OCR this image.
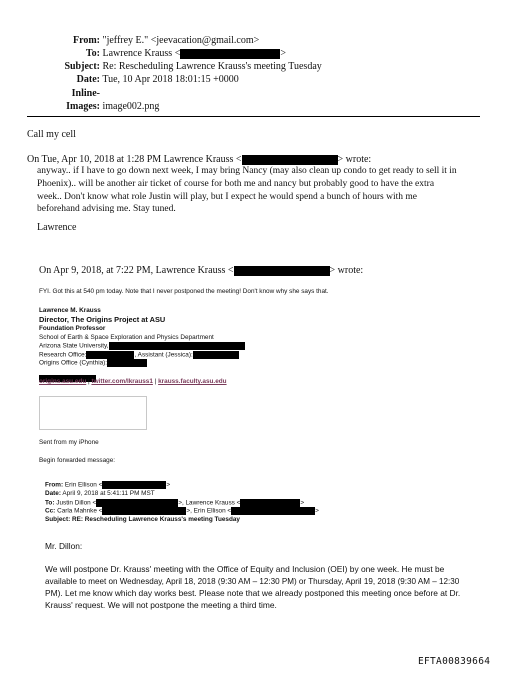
From: "jeffrey E." <jeevacation@gmail.com>
To: Lawrence Krauss <	>
Subject: Re: Rescheduling Lawrence Krauss's meeting Tuesday
Date: Tue, 10 Apr 2018 18:01:15 +0000
Inline-Images: image002.png
Call my cell
On Tue, Apr 10, 2018 at 1:28 PM Lawrence Krauss <	> wrote:
anyway.. if I have to go down next week, I may bring Nancy (may also clean up condo to get ready to sell it in
Phoenix).. will be another air ticket of course for both me and nancy but probably good to have the extra
week.. Don't know what role Justin will play, but I expect he would spend a bunch of hours with me
beforehand advising me. Stay tuned.
Lawrence
On Apr 9, 2018, at 7:22 PM, Lawrence Krauss <	> wrote:
FYI. Got this at 540 pm today. Note that I never postponed the meeting! Don't know why she says that.
Lawrence M. Krauss
Director, The Origins Project at ASU
Foundation Professor
School of Earth & Space Exploration and Physics Department
Arizona State University,
Research Office:	, Assistant (Jessica):
Origins Office (Cynthia):
origins.asu.edu | twitter.com/lkrauss1 | krauss.faculty.asu.edu
Sent from my iPhone
Begin forwarded message:
From: Erin Ellison <	>
Date: April 9, 2018 at 5:41:11 PM MST
To: Justin Dillon <	>, Lawrence Krauss <	>
Cc: Carla Mahnke <	>, Erin Ellison <	>
Subject: RE: Rescheduling Lawrence Krauss's meeting Tuesday
Mr. Dillon:
We will postpone Dr. Krauss' meeting with the Office of Equity and Inclusion (OEI) by one week. He must be
available to meet on Wednesday, April 18, 2018 (9:30 AM – 12:30 PM) or Thursday, April 19, 2018 (9:30 AM – 12:30
PM). Let me know which day works best. Please note that we already postponed this meeting once before at Dr.
Krauss' request. We will not postpone the meeting a third time.
EFTA00839664
